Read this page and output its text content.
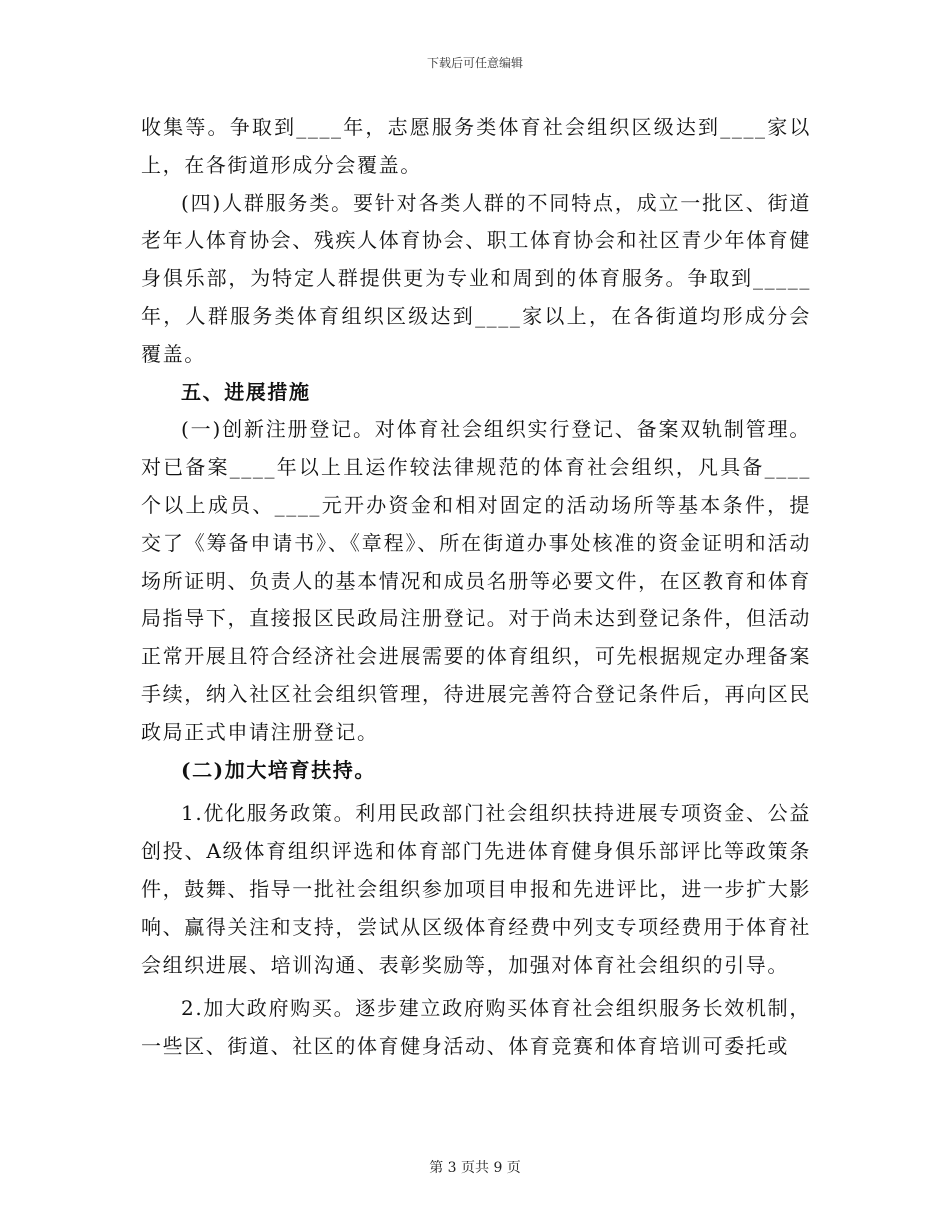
下载后可任意编辑

收集等。争取到____年，志愿服务类体育社会组织区级达到____家以上，在各街道形成分会覆盖。

(四)人群服务类。要针对各类人群的不同特点，成立一批区、街道老年人体育协会、残疾人体育协会、职工体育协会和社区青少年体育健身俱乐部，为特定人群提供更为专业和周到的体育服务。争取到_____年，人群服务类体育组织区级达到____家以上，在各街道均形成分会覆盖。

五、进展措施

(一)创新注册登记。对体育社会组织实行登记、备案双轨制管理。对已备案____年以上且运作较法律规范的体育社会组织，凡具备____个以上成员、____元开办资金和相对固定的活动场所等基本条件，提交了《筹备申请书》、《章程》、所在街道办事处核准的资金证明和活动场所证明、负责人的基本情况和成员名册等必要文件，在区教育和体育局指导下，直接报区民政局注册登记。对于尚未达到登记条件，但活动正常开展且符合经济社会进展需要的体育组织，可先根据规定办理备案手续，纳入社区社会组织管理，待进展完善符合登记条件后，再向区民政局正式申请注册登记。

(二)加大培育扶持。

1.优化服务政策。利用民政部门社会组织扶持进展专项资金、公益创投、A级体育组织评选和体育部门先进体育健身俱乐部评比等政策条件，鼓舞、指导一批社会组织参加项目申报和先进评比，进一步扩大影响、赢得关注和支持，尝试从区级体育经费中列支专项经费用于体育社会组织进展、培训沟通、表彰奖励等，加强对体育社会组织的引导。

2.加大政府购买。逐步建立政府购买体育社会组织服务长效机制，一些区、街道、社区的体育健身活动、体育竞赛和体育培训可委托或

第 3 页共 9 页
